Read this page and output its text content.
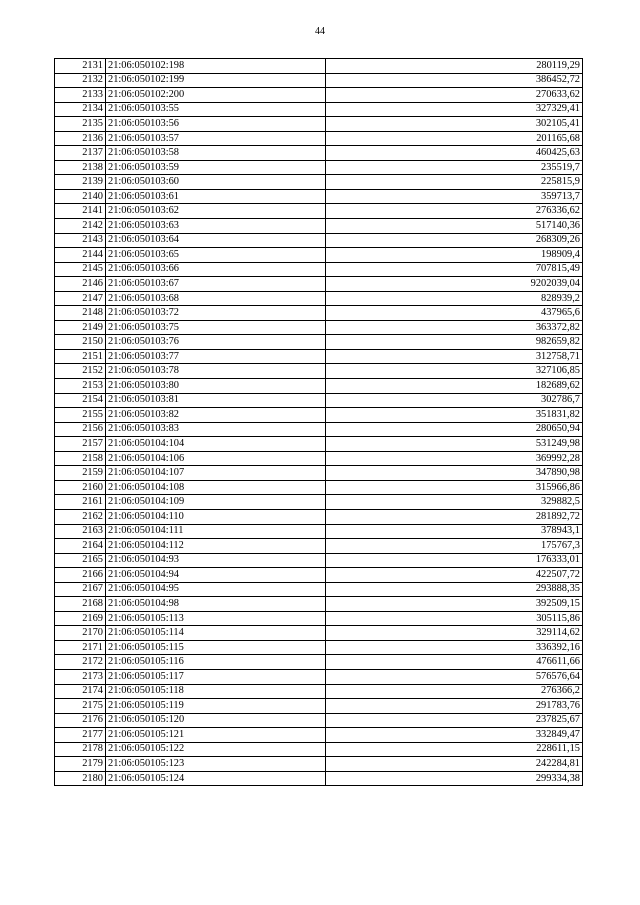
44
2131	21:06:050102:198	280119,29
2132	21:06:050102:199	386452,72
2133	21:06:050102:200	270633,62
2134	21:06:050103:55	327329,41
2135	21:06:050103:56	302105,41
2136	21:06:050103:57	201165,68
2137	21:06:050103:58	460425,63
2138	21:06:050103:59	235519,7
2139	21:06:050103:60	225815,9
2140	21:06:050103:61	359713,7
2141	21:06:050103:62	276336,62
2142	21:06:050103:63	517140,36
2143	21:06:050103:64	268309,26
2144	21:06:050103:65	198909,4
2145	21:06:050103:66	707815,49
2146	21:06:050103:67	9202039,04
2147	21:06:050103:68	828939,2
2148	21:06:050103:72	437965,6
2149	21:06:050103:75	363372,82
2150	21:06:050103:76	982659,82
2151	21:06:050103:77	312758,71
2152	21:06:050103:78	327106,85
2153	21:06:050103:80	182689,62
2154	21:06:050103:81	302786,7
2155	21:06:050103:82	351831,82
2156	21:06:050103:83	280650,94
2157	21:06:050104:104	531249,98
2158	21:06:050104:106	369992,28
2159	21:06:050104:107	347890,98
2160	21:06:050104:108	315966,86
2161	21:06:050104:109	329882,5
2162	21:06:050104:110	281892,72
2163	21:06:050104:111	378943,1
2164	21:06:050104:112	175767,3
2165	21:06:050104:93	176333,01
2166	21:06:050104:94	422507,72
2167	21:06:050104:95	293888,35
2168	21:06:050104:98	392509,15
2169	21:06:050105:113	305115,86
2170	21:06:050105:114	329114,62
2171	21:06:050105:115	336392,16
2172	21:06:050105:116	476611,66
2173	21:06:050105:117	576576,64
2174	21:06:050105:118	276366,2
2175	21:06:050105:119	291783,76
2176	21:06:050105:120	237825,67
2177	21:06:050105:121	332849,47
2178	21:06:050105:122	228611,15
2179	21:06:050105:123	242284,81
2180	21:06:050105:124	299334,38
